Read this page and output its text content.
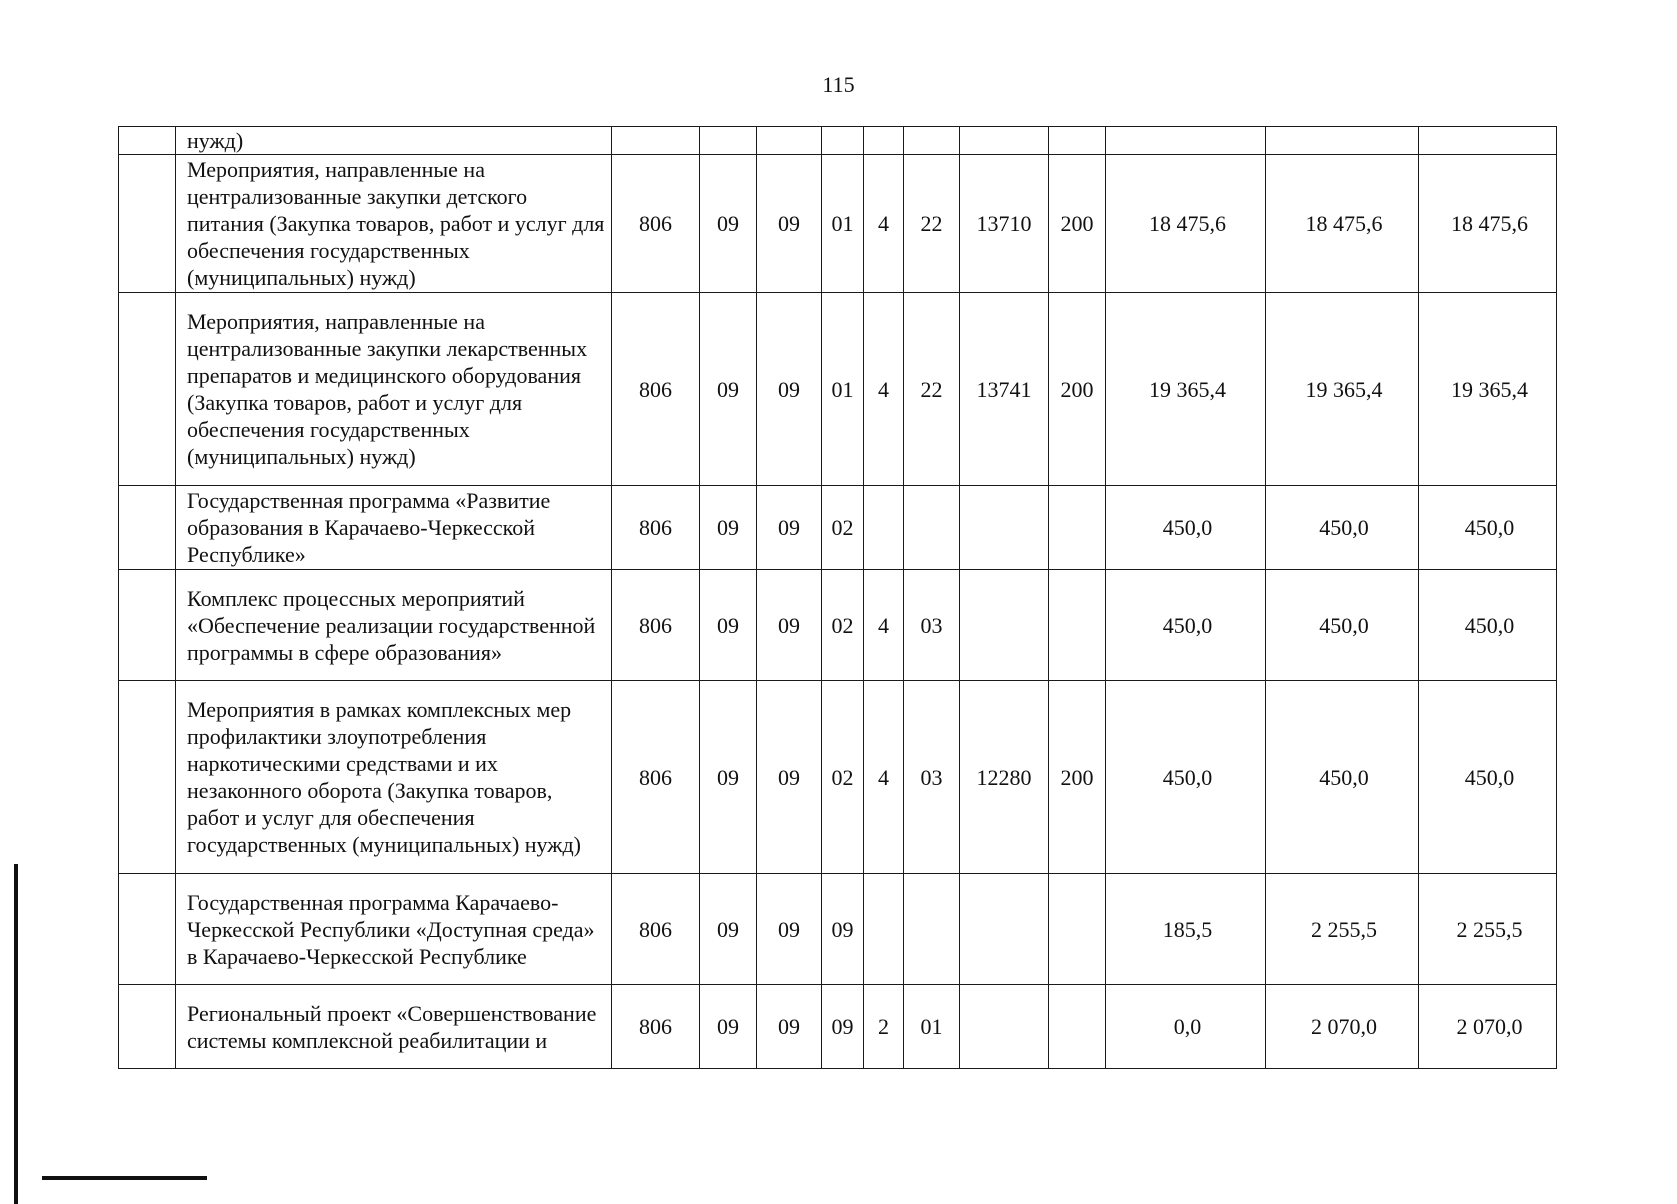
115
	нужд)											
	Мероприятия, направленные на централизованные закупки детского питания (Закупка товаров, работ и услуг для обеспечения государственных (муниципальных) нужд)	806	09	09	01	4	22	13710	200	18 475,6	18 475,6	18 475,6
	Мероприятия, направленные на централизованные закупки лекарственных препаратов и медицинского оборудования (Закупка товаров, работ и услуг для обеспечения государственных (муниципальных) нужд)	806	09	09	01	4	22	13741	200	19 365,4	19 365,4	19 365,4
	Государственная программа «Развитие образования в Карачаево-Черкесской Республике»	806	09	09	02					450,0	450,0	450,0
	Комплекс процессных мероприятий «Обеспечение реализации государственной программы в сфере образования»	806	09	09	02	4	03			450,0	450,0	450,0
	Мероприятия в рамках комплексных мер профилактики злоупотребления наркотическими средствами и их незаконного оборота (Закупка товаров, работ и услуг для обеспечения государственных (муниципальных) нужд)	806	09	09	02	4	03	12280	200	450,0	450,0	450,0
	Государственная программа Карачаево-Черкесской Республики «Доступная среда» в Карачаево-Черкесской Республике	806	09	09	09					185,5	2 255,5	2 255,5
	Региональный проект «Совершенствование системы комплексной реабилитации и	806	09	09	09	2	01			0,0	2 070,0	2 070,0
